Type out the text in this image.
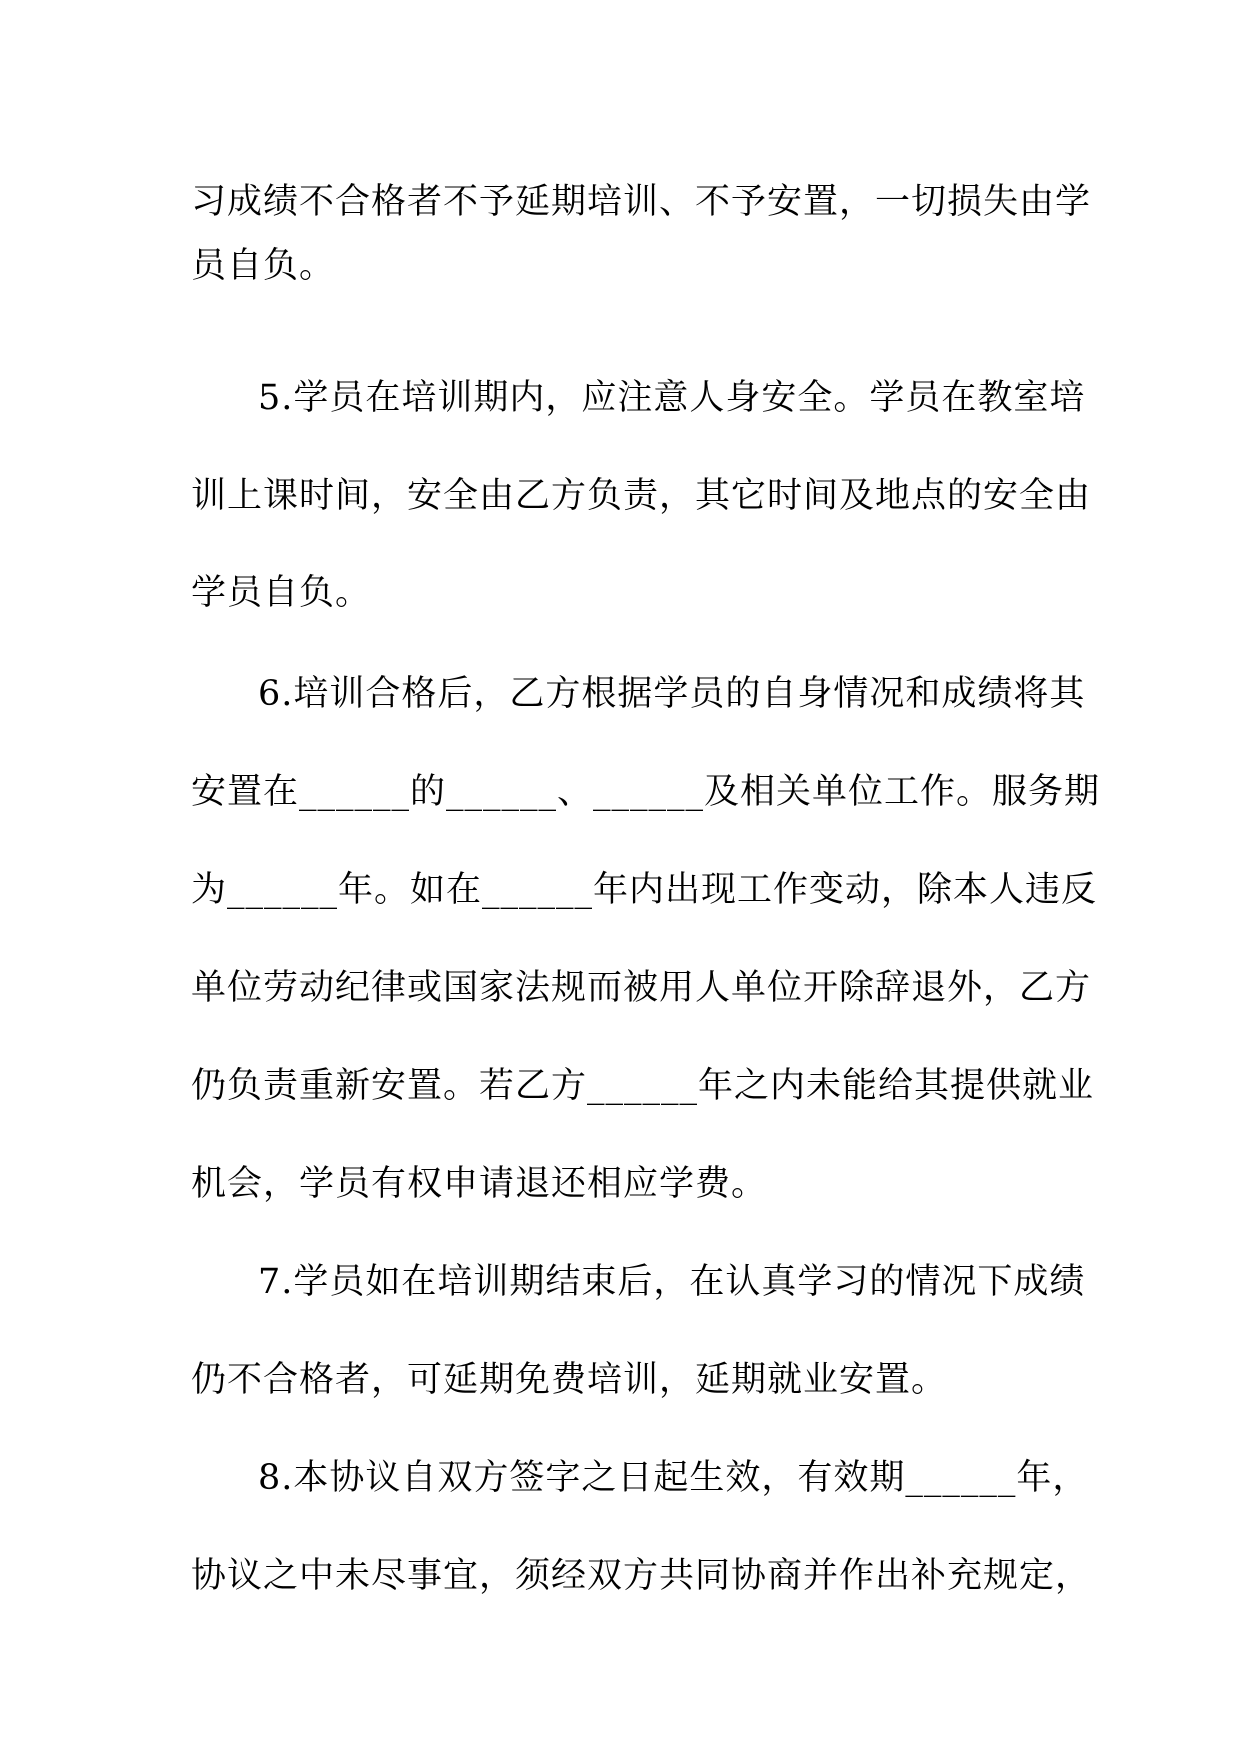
习成绩不合格者不予延期培训、不予安置，一切损失由学
员自负。
5.学员在培训期内，应注意人身安全。学员在教室培
训上课时间，安全由乙方负责，其它时间及地点的安全由
学员自负。
6.培训合格后，乙方根据学员的自身情况和成绩将其
安置在______的______、______及相关单位工作。服务期
为______年。如在______年内出现工作变动，除本人违反
单位劳动纪律或国家法规而被用人单位开除辞退外，乙方
仍负责重新安置。若乙方______年之内未能给其提供就业
机会，学员有权申请退还相应学费。
7.学员如在培训期结束后，在认真学习的情况下成绩
仍不合格者，可延期免费培训，延期就业安置。
8.本协议自双方签字之日起生效，有效期______年，
协议之中未尽事宜，须经双方共同协商并作出补充规定，
